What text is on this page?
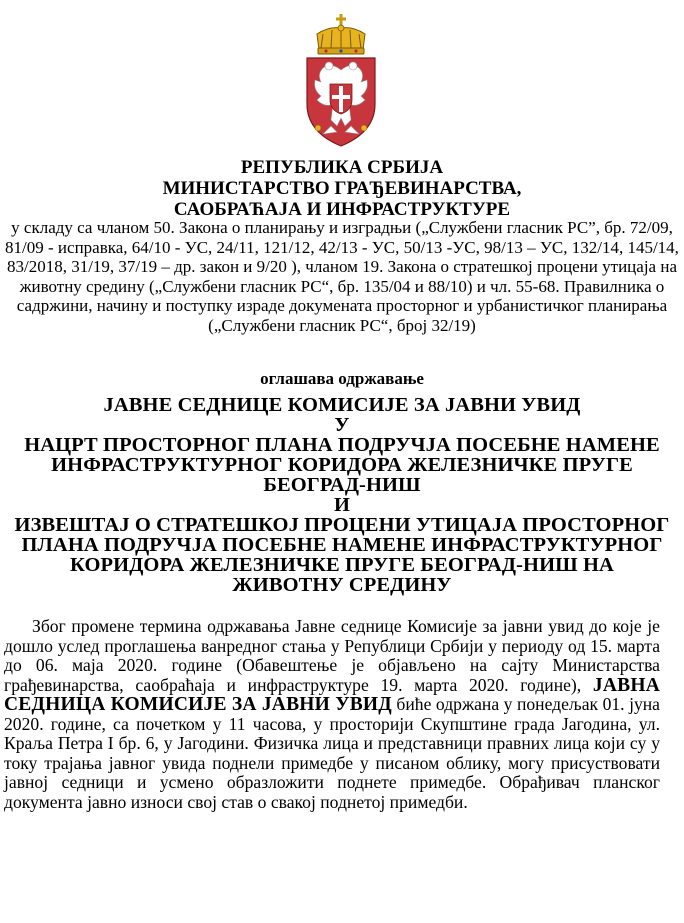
РЕПУБЛИКА СРБИЈА
МИНИСТАРСТВО ГРАЂЕВИНАРСТВА,
САОБРАЋАЈА И ИНФРАСТРУКТУРЕ
у складу са чланом 50. Закона о планирању и изградњи („Службени гласник РС”, бр. 72/09, 81/09 - исправка, 64/10 - УС, 24/11, 121/12, 42/13 - УС, 50/13 -УС, 98/13 – УС, 132/14, 145/14, 83/2018, 31/19, 37/19 – др. закон и 9/20 ), чланом 19. Закона о стратешкој процени утицаја на животну средину („Службени гласник РС“, бр. 135/04 и 88/10) и чл. 55-68. Правилника о садржини, начину и поступку израде докумената просторног и урбанистичког планирања („Службени гласник РС“, број 32/19)
оглашава одржавање
ЈАВНЕ СЕДНИЦЕ КОМИСИЈЕ ЗА ЈАВНИ УВИД
У
НАЦРТ ПРОСТОРНОГ ПЛАНА ПОДРУЧЈА ПОСЕБНЕ НАМЕНЕ
ИНФРАСТРУКТУРНОГ КОРИДОРА ЖЕЛЕЗНИЧКЕ ПРУГЕ
БЕОГРАД-НИШ
И
ИЗВЕШТАЈ О СТРАТЕШКОЈ ПРОЦЕНИ УТИЦАЈА ПРОСТОРНОГ
ПЛАНА ПОДРУЧЈА ПОСЕБНЕ НАМЕНЕ ИНФРАСТРУКТУРНОГ
КОРИДОРА ЖЕЛЕЗНИЧКЕ ПРУГЕ БЕОГРАД-НИШ НА
ЖИВОТНУ СРЕДИНУ
Због промене термина одржавања Јавне седнице Комисије за јавни увид до које је дошло услед проглашења ванредног стања у Републици Србији у периоду од 15. марта до 06. маја 2020. године (Обавештење је објављено на сајту Министарства грађевинарства, саобраћаја и инфраструктуре 19. марта 2020. године), ЈАВНА СЕДНИЦА КОМИСИЈЕ ЗА ЈАВНИ УВИД биће одржана у понедељак 01. јуна 2020. године, са почетком у 11 часова, у просторији Скупштине града Јагодина, ул. Краља Петра I бр. 6, у Јагодини. Физичка лица и представници правних лица који су у току трајања јавног увида поднели примедбе у писаном облику, могу присуствовати јавној седници и усмено образложити поднете примедбе. Обрађивач планског документа јавно износи свој став о свакој поднетој примедби.
